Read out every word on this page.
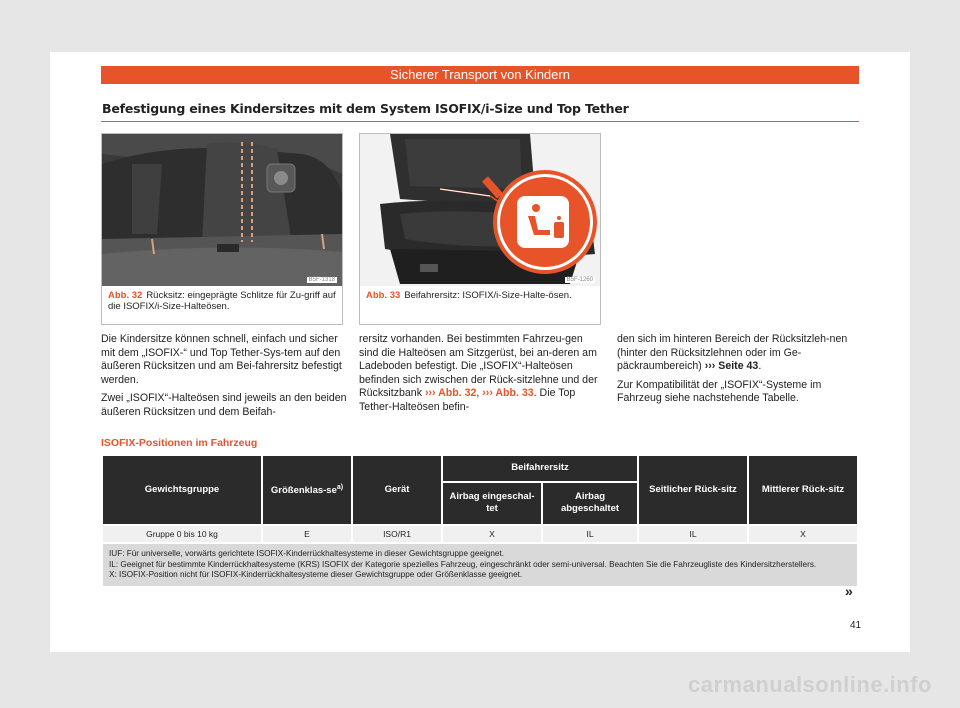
Sicherer Transport von Kindern
Befestigung eines Kindersitzes mit dem System ISOFIX/i-Size und Top Tether
B5F-1318
Abb. 32 Rücksitz: eingeprägte Schlitze für Zu-griff auf die ISOFIX/i-Size-Halteösen.
B5F-1260
Abb. 33 Beifahrersitz: ISOFIX/i-Size-Halte-ösen.

Die Kindersitze können schnell, einfach und sicher mit dem „ISOFIX-“ und Top Tether-Sys-tem auf den äußeren Rücksitzen und am Bei-fahrersitz befestigt werden.

Zwei „ISOFIX“-Halteösen sind jeweils an den beiden äußeren Rücksitzen und dem Beifah-

rersitz vorhanden. Bei bestimmten Fahrzeu-gen sind die Halteösen am Sitzgerüst, bei an-deren am Ladeboden befestigt. Die „ISOFIX“-Halteösen befinden sich zwischen der Rück-sitzlehne und der Rücksitzbank ››› Abb. 32, ››› Abb. 33. Die Top Tether-Halteösen befin-

den sich im hinteren Bereich der Rücksitzleh-nen (hinter den Rücksitzlehnen oder im Ge-päckraumbereich) ››› Seite 43.

Zur Kompatibilität der „ISOFIX“-Systeme im Fahrzeug siehe nachstehende Tabelle.

ISOFIX-Positionen im Fahrzeug
Gewichtsgruppe	Größenklas-$se^{a)}$	Gerät	Beifahrersitz		Seitlicher Rück-sitz	Mittlerer Rück-sitz
			Airbag eingeschal-tet	Airbag abgeschaltet		
Gruppe 0 bis 10 kg	E	ISO/R1	X	IL	IL	X

IUF: Für universelle, vorwärts gerichtete ISOFIX-Kinderrückhaltesysteme in dieser Gewichtsgruppe geeignet.
IL: Geeignet für bestimmte Kinderrückhaltesysteme (KRS) ISOFIX der Kategorie spezielles Fahrzeug, eingeschränkt oder semi-universal. Beachten Sie die Fahrzeugliste des Kindersitzherstellers.
X: ISOFIX-Position nicht für ISOFIX-Kinderrückhaltesysteme dieser Gewichtsgruppe oder Größenklasse geeignet.						
»
41
carmanualsonline.info
